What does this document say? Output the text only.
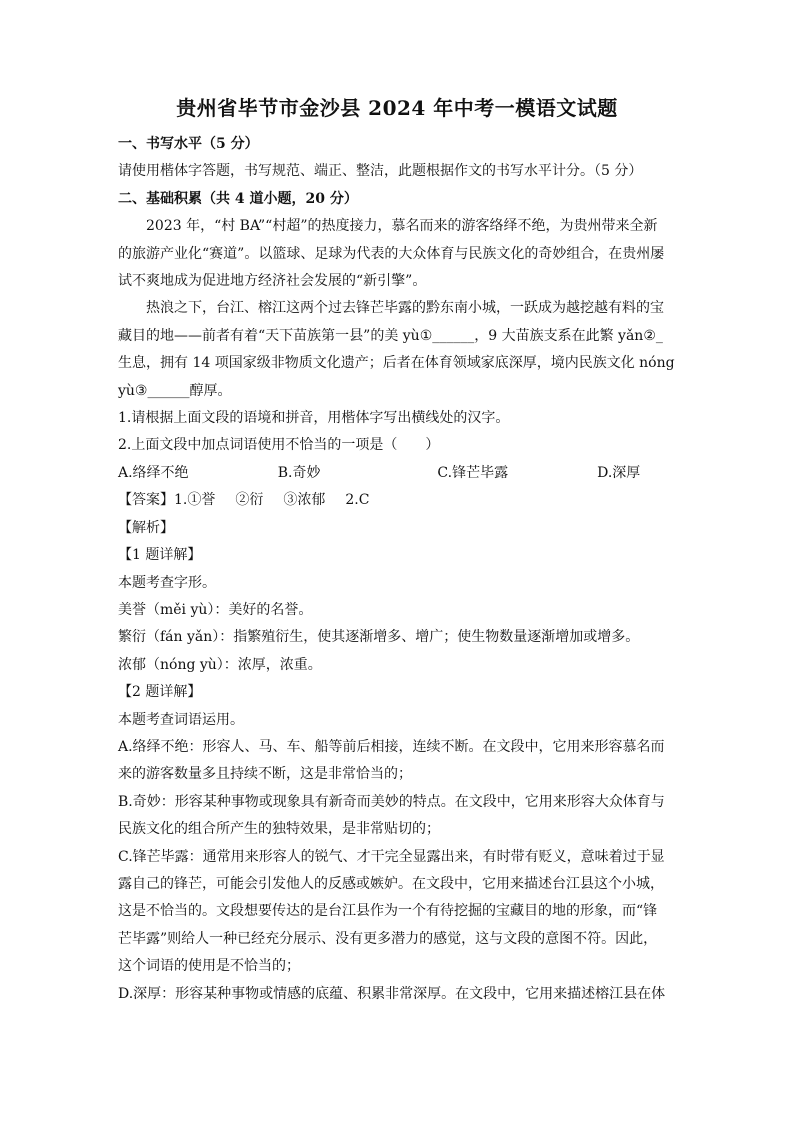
贵州省毕节市金沙县 2024 年中考一模语文试题

一、书写水平（5 分）

请使用楷体字答题，书写规范、端正、整洁，此题根据作文的书写水平计分。（5 分）

二、基础积累（共 4 道小题，20 分）

2023 年，“村 BA”“村超”的热度接力，慕名而来的游客络绎不绝，为贵州带来全新

的旅游产业化“赛道”。以篮球、足球为代表的大众体育与民族文化的奇妙组合，在贵州屡

试不爽地成为促进地方经济社会发展的“新引擎”。

热浪之下，台江、榕江这两个过去锋芒毕露的黔东南小城，一跃成为越挖越有料的宝

藏目的地——前者有着“天下苗族第一县”的美 yù①______，9 大苗族支系在此繁 yǎn②_

生息，拥有 14 项国家级非物质文化遗产；后者在体育领域家底深厚，境内民族文化 nóng

yù③______醇厚。

1.请根据上面文段的语境和拼音，用楷体字写出横线处的汉字。

2.上面文段中加点词语使用不恰当的一项是（　　）

A.络绎不绝	B.奇妙	C.锋芒毕露	D.深厚

【答案】1.①誉 ②衍 ③浓郁 2.C

【解析】

【1 题详解】

本题考查字形。

美誉（měi yù）：美好的名誉。

繁衍（fán yǎn）：指繁殖衍生，使其逐渐增多、增广；使生物数量逐渐增加或增多。

浓郁（nóng yù）：浓厚，浓重。

【2 题详解】

本题考查词语运用。

A.络绎不绝：形容人、马、车、船等前后相接，连续不断。在文段中，它用来形容慕名而

来的游客数量多且持续不断，这是非常恰当的；

B.奇妙：形容某种事物或现象具有新奇而美妙的特点。在文段中，它用来形容大众体育与

民族文化的组合所产生的独特效果，是非常贴切的；

C.锋芒毕露：通常用来形容人的锐气、才干完全显露出来，有时带有贬义，意味着过于显

露自己的锋芒，可能会引发他人的反感或嫉妒。在文段中，它用来描述台江县这个小城，

这是不恰当的。文段想要传达的是台江县作为一个有待挖掘的宝藏目的地的形象，而“锋

芒毕露”则给人一种已经充分展示、没有更多潜力的感觉，这与文段的意图不符。因此，

这个词语的使用是不恰当的；

D.深厚：形容某种事物或情感的底蕴、积累非常深厚。在文段中，它用来描述榕江县在体
